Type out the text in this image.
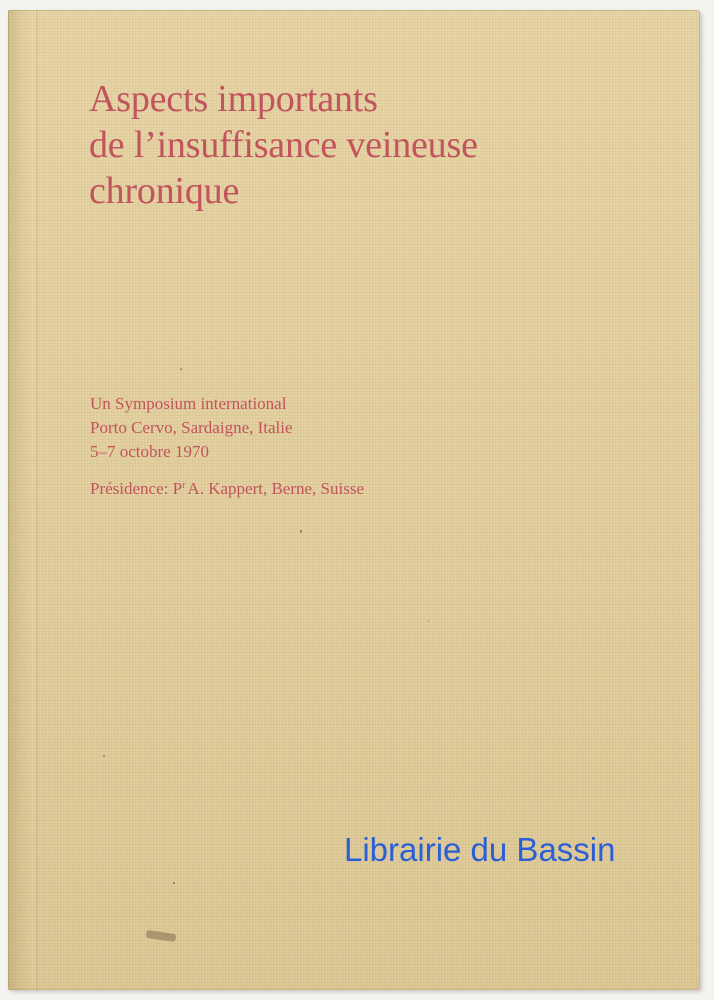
Aspects importants
de l’insuffisance veineuse
chronique
Un Symposium international
Porto Cervo, Sardaigne, Italie
5–7 octobre 1970
Présidence: $P^r$ A. Kappert, Berne, Suisse
Librairie du Bassin
